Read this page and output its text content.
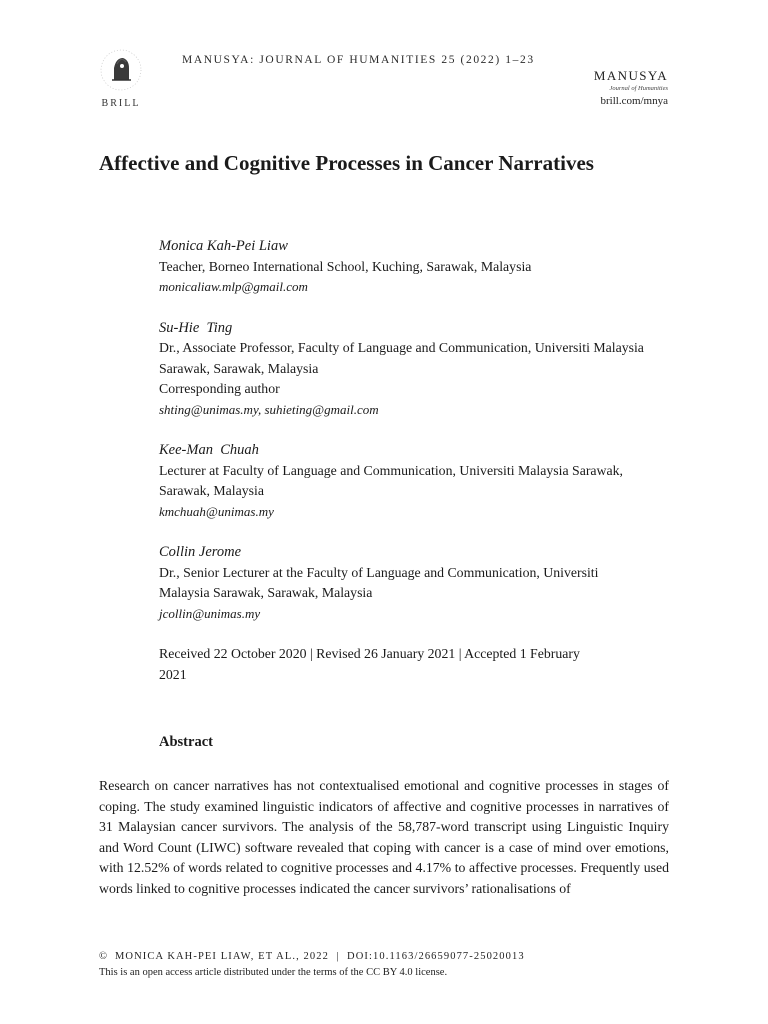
BRILL
MANUSYA: JOURNAL OF HUMANITIES 25 (2022) 1–23
MANUSYA
Journal of Humanities
brill.com/mnya
Affective and Cognitive Processes in Cancer Narratives
Monica Kah-Pei Liaw
Teacher, Borneo International School, Kuching, Sarawak, Malaysia
monicaliaw.mlp@gmail.com
Su-Hie  Ting
Dr., Associate Professor, Faculty of Language and Communication, Universiti Malaysia Sarawak, Sarawak, Malaysia
Corresponding author
shting@unimas.my, suhieting@gmail.com
Kee-Man  Chuah
Lecturer at Faculty of Language and Communication, Universiti Malaysia Sarawak, Sarawak, Malaysia
kmchuah@unimas.my
Collin Jerome
Dr., Senior Lecturer at the Faculty of Language and Communication, Universiti Malaysia Sarawak, Sarawak, Malaysia
jcollin@unimas.my
Received 22 October 2020 | Revised 26 January 2021 | Accepted 1 February 2021
Abstract
Research on cancer narratives has not contextualised emotional and cognitive processes in stages of coping. The study examined linguistic indicators of affective and cognitive processes in narratives of 31 Malaysian cancer survivors. The analysis of the 58,787-word transcript using Linguistic Inquiry and Word Count (LIWC) software revealed that coping with cancer is a case of mind over emotions, with 12.52% of words related to cognitive processes and 4.17% to affective processes. Frequently used words linked to cognitive processes indicated the cancer survivors’ rationalisations of
© MONICA KAH-PEI LIAW, ET AL., 2022  |  DOI:10.1163/26659077-25020013
This is an open access article distributed under the terms of the CC BY 4.0 license.
